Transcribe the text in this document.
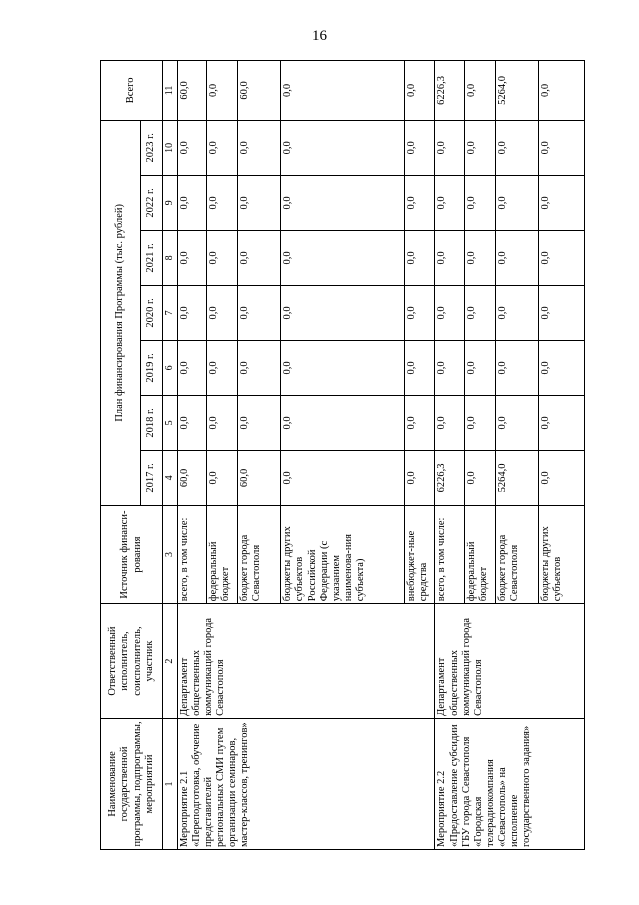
16
Наименование государственной программы, подпрограммы, мероприятий	Ответственный исполнитель, соисполнитель, участник	Источник финанси-рования	План финансирования Программы (тыс. рублей)							Всего
			2017 г.	2018 г.	2019 г.	2020 г.	2021 г.	2022 г.	2023 г.	
1	2	3	4	5	6	7	8	9	10	11
Мероприятие 2.1 «Переподготовка, обучение представителей региональных СМИ путем организации семинаров, мастер-классов, тренингов»	Департамент общественных коммуникаций города Севастополя	всего, в том числе:	60,0	0,0	0,0	0,0	0,0	0,0	0,0	60,0
		федеральный бюджет	0,0	0,0	0,0	0,0	0,0	0,0	0,0	0,0
		бюджет города Севастополя	60,0	0,0	0,0	0,0	0,0	0,0	0,0	60,0
		бюджеты других субъектов Российской Федерации (с указанием наименова-ния субъекта)	0,0	0,0	0,0	0,0	0,0	0,0	0,0	0,0
		внебюджет-ные средства	0,0	0,0	0,0	0,0	0,0	0,0	0,0	0,0
Мероприятие 2.2 «Предоставление субсидии ГБУ города Севастополя «Городская телерадиокомпания «Севастополь» на исполнение государственного задания»	Департамент общественных коммуникаций города Севастополя	всего, в том числе:	6226,3	0,0	0,0	0,0	0,0	0,0	0,0	6226,3
		федеральный бюджет	0,0	0,0	0,0	0,0	0,0	0,0	0,0	0,0
		бюджет города Севастополя	5264,0	0,0	0,0	0,0	0,0	0,0	0,0	5264,0
		бюджеты других субъектов	0,0	0,0	0,0	0,0	0,0	0,0	0,0	0,0
